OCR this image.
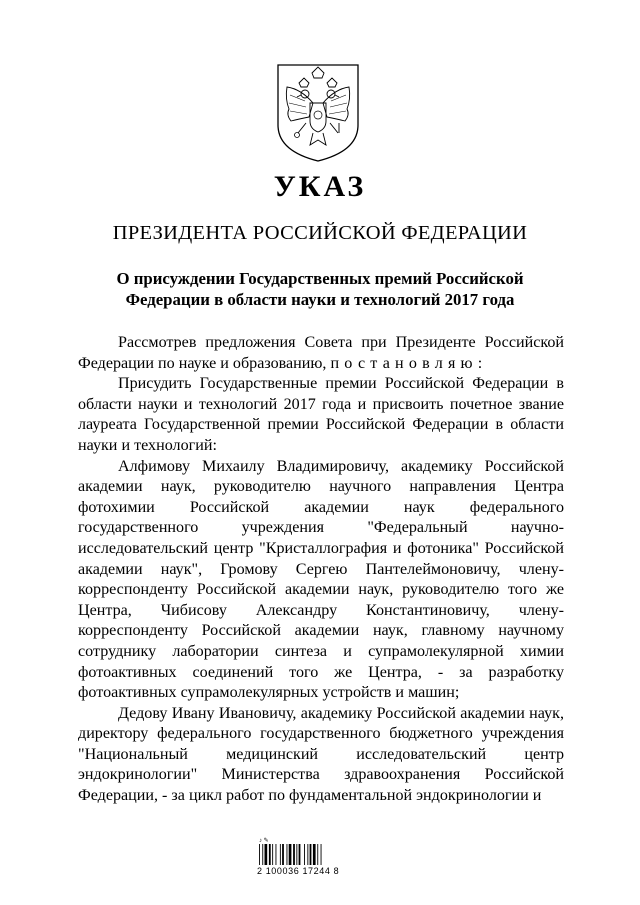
УКАЗ
ПРЕЗИДЕНТА РОССИЙСКОЙ ФЕДЕРАЦИИ
О присуждении Государственных премий Российской
Федерации в области науки и технологий 2017 года

Рассмотрев предложения Совета при Президенте Российской Федерации по науке и образованию, постановляю:

Присудить Государственные премии Российской Федерации в области науки и технологий 2017 года и присвоить почетное звание лауреата Государственной премии Российской Федерации в области науки и технологий:

Алфимову Михаилу Владимировичу, академику Российской академии наук, руководителю научного направления Центра фотохимии Российской академии наук федерального государственного учреждения "Федеральный научно-исследовательский центр "Кристаллография и фотоника" Российской академии наук", Громову Сергею Пантелеймоновичу, члену-корреспонденту Российской академии наук, руководителю того же Центра, Чибисову Александру Константиновичу, члену-корреспонденту Российской академии наук, главному научному сотруднику лаборатории синтеза и супрамолекулярной химии фотоактивных соединений того же Центра, - за разработку фотоактивных супрамолекулярных устройств и машин;

Дедову Ивану Ивановичу, академику Российской академии наук, директору федерального государственного бюджетного учреждения "Национальный медицинский исследовательский центр эндокринологии" Министерства здравоохранения Российской Федерации, - за цикл работ по фундаментальной эндокринологии и

♪ ✎
2 100036 17244 8
